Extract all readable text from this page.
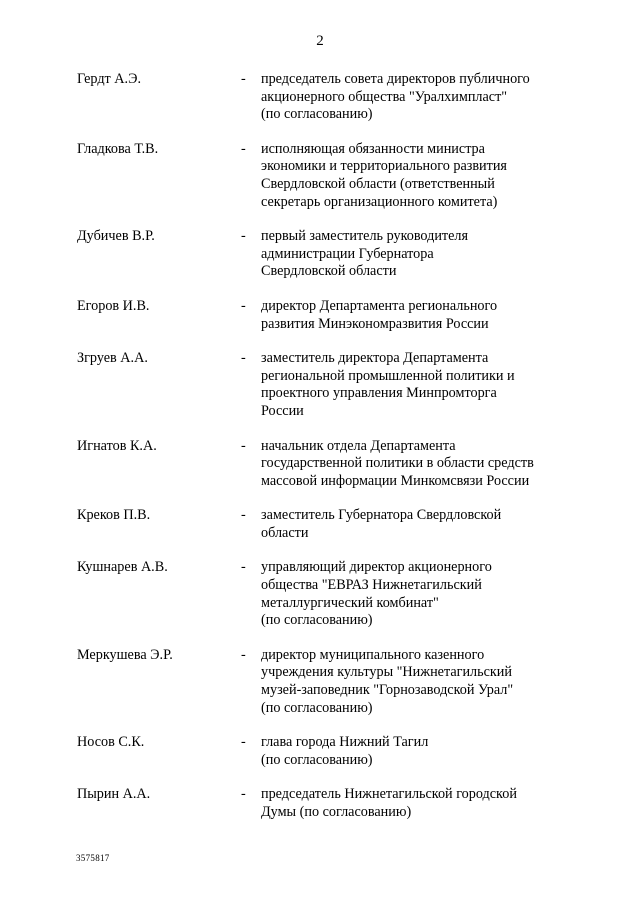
2
Гердт А.Э.	- председатель совета директоров публичного
акционерного общества "Уралхимпласт"
(по согласованию)
Гладкова Т.В.	- исполняющая обязанности министра
экономики и территориального развития
Свердловской области (ответственный
секретарь организационного комитета)
Дубичев В.Р.	- первый заместитель руководителя
администрации Губернатора
Свердловской области
Егоров И.В.	- директор Департамента регионального
развития Минэкономразвития России
Згруев А.А.	- заместитель директора Департамента
региональной промышленной политики и
проектного управления Минпромторга
России
Игнатов К.А.	- начальник отдела Департамента
государственной политики в области средств
массовой информации Минкомсвязи России
Креков П.В.	- заместитель Губернатора Свердловской
области
Кушнарев А.В.	- управляющий директор акционерного
общества "ЕВРАЗ Нижнетагильский
металлургический комбинат"
(по согласованию)
Меркушева Э.Р.	- директор муниципального казенного
учреждения культуры "Нижнетагильский
музей-заповедник "Горнозаводской Урал"
(по согласованию)
Носов С.К.	- глава города Нижний Тагил
(по согласованию)
Пырин А.А.	- председатель Нижнетагильской городской
Думы (по согласованию)
3575817
